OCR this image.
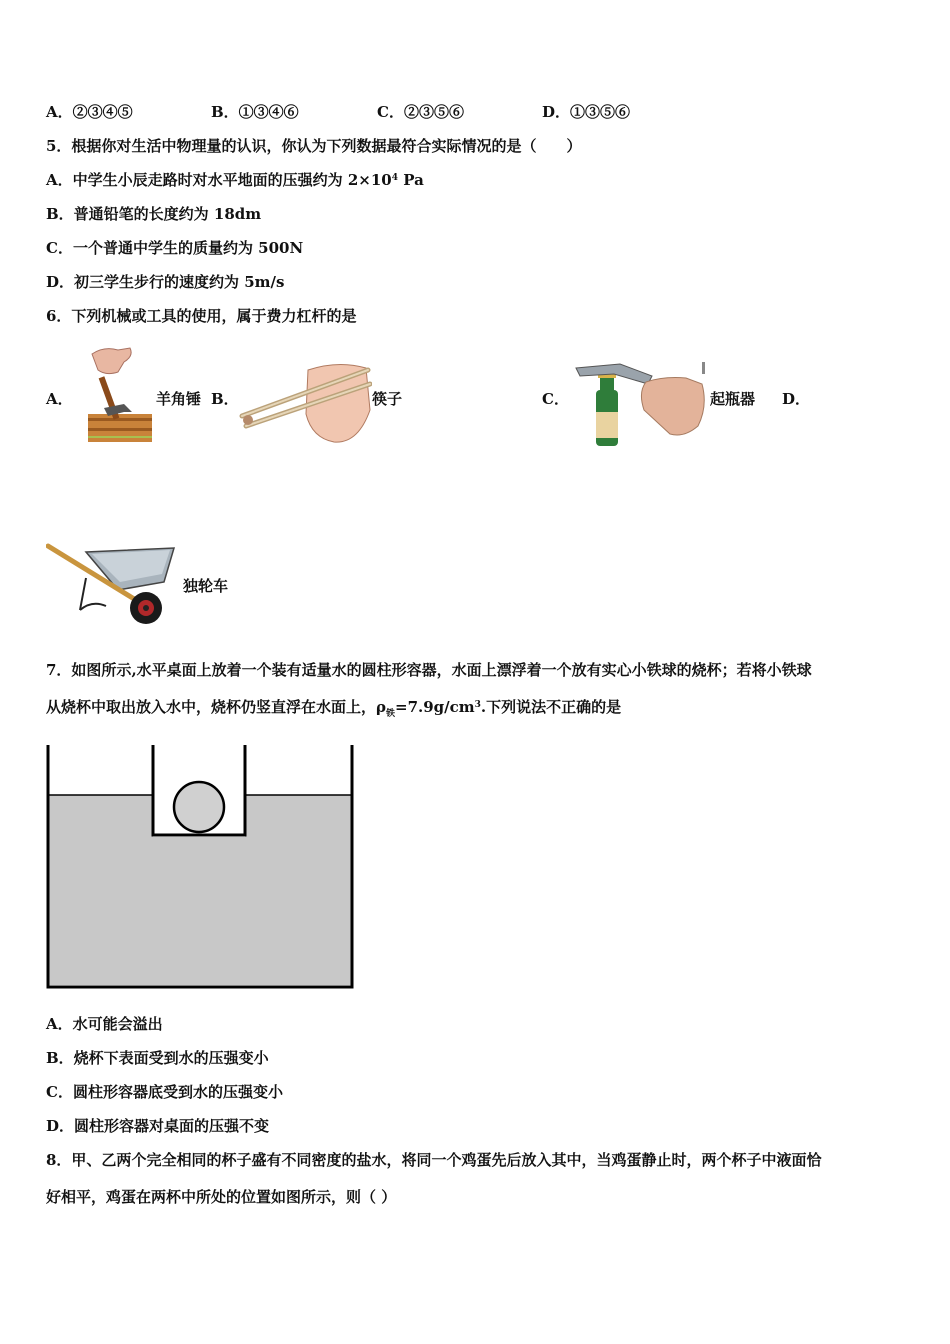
A．②③④⑤	B．①③④⑥	C．②③⑤⑥	D．①③⑤⑥
5．根据你对生活中物理量的认识，你认为下列数据最符合实际情况的是（　　）
A．中学生小辰走路时对水平地面的压强约为 $2\times 10^4$ Pa
B．普通铅笔的长度约为 18dm
C．一个普通中学生的质量约为 500N
D．初三学生步行的速度约为 5m/s
6．下列机械或工具的使用，属于费力杠杆的是
A．	羊角锤 B．	筷子	C．	起瓶器 D．
独轮车
7．如图所示,水平桌面上放着一个装有适量水的圆柱形容器，水面上漂浮着一个放有实心小铁球的烧杯；若将小铁球
从烧杯中取出放入水中，烧杯仍竖直浮在水面上，$\rho_铁=7.9g/cm^3$.下列说法不正确的是
A．水可能会溢出
B．烧杯下表面受到水的压强变小
C．圆柱形容器底受到水的压强变小
D．圆柱形容器对桌面的压强不变
8．甲、乙两个完全相同的杯子盛有不同密度的盐水，将同一个鸡蛋先后放入其中，当鸡蛋静止时，两个杯子中液面恰
好相平，鸡蛋在两杯中所处的位置如图所示，则（ ）
